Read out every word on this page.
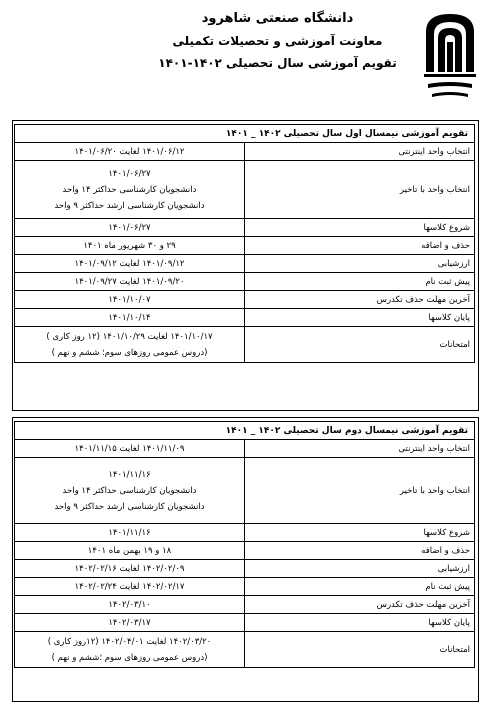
دانشگاه صنعتی شاهرود
معاونت آموزشی و تحصیلات تکمیلی
تقویم آموزشی سال تحصیلی ۱۴۰۲-۱۴۰۱
تقویم آموزشی نیمسال اول سال تحصیلی ۱۴۰۲ _ ۱۴۰۱	
انتخاب واحد اینترنتی	۱۴۰۱/۰۶/۱۲ لغایت ۱۴۰۱/۰۶/۲۰

انتخاب واحد با تاخیر	۱۴۰۱/۰۶/۲۷
دانشجویان کارشناسی حداکثر ۱۴ واحد
دانشجویان کارشناسی ارشد حداکثر ۹ واحد

شروع کلاسها	۱۴۰۱/۰۶/۲۷

حذف و اضافه	۲۹ و ۳۰ شهریور ماه ۱۴۰۱

ارزشیابی	۱۴۰۱/۰۹/۱۲ لغایت ۱۴۰۱/۰۹/۱۲

پیش ثبت نام	۱۴۰۱/۰۹/۲۰ لغایت ۱۴۰۱/۰۹/۲۷

آخرین مهلت حذف تکدرس	۱۴۰۱/۱۰/۰۷

پایان کلاسها	۱۴۰۱/۱۰/۱۴

امتحانات	۱۴۰۱/۱۰/۱۷ لغایت ۱۴۰۱/۱۰/۲۹ (۱۲ روز کاری )
(دروس عمومی روزهای سوم؛ ششم و نهم )
تقویم آموزشی نیمسال دوم سال تحصیلی ۱۴۰۲ _ ۱۴۰۱	
انتخاب واحد اینترنتی	۱۴۰۱/۱۱/۰۹ لغایت ۱۴۰۱/۱۱/۱۵

انتخاب واحد با تاخیر	۱۴۰۱/۱۱/۱۶
دانشجویان کارشناسی حداکثر ۱۴ واحد
دانشجویان کارشناسی ارشد حداکثر ۹ واحد

شروع کلاسها	۱۴۰۱/۱۱/۱۶

حذف و اضافه	۱۸ و ۱۹ بهمن ماه ۱۴۰۱

ارزشیابی	۱۴۰۲/۰۲/۰۹ لغایت ۱۴۰۲/۰۲/۱۶

پیش ثبت نام	۱۴۰۲/۰۲/۱۷ لغایت ۱۴۰۲/۰۲/۲۴

آخرین مهلت حذف تکدرس	۱۴۰۲/۰۳/۱۰

پایان کلاسها	۱۴۰۲/۰۳/۱۷

امتحانات	۱۴۰۲/۰۳/۲۰ لغایت ۱۴۰۲/۰۴/۰۱ (۱۲روز کاری )
(دروس عمومی روزهای سوم ؛ششم و نهم )
